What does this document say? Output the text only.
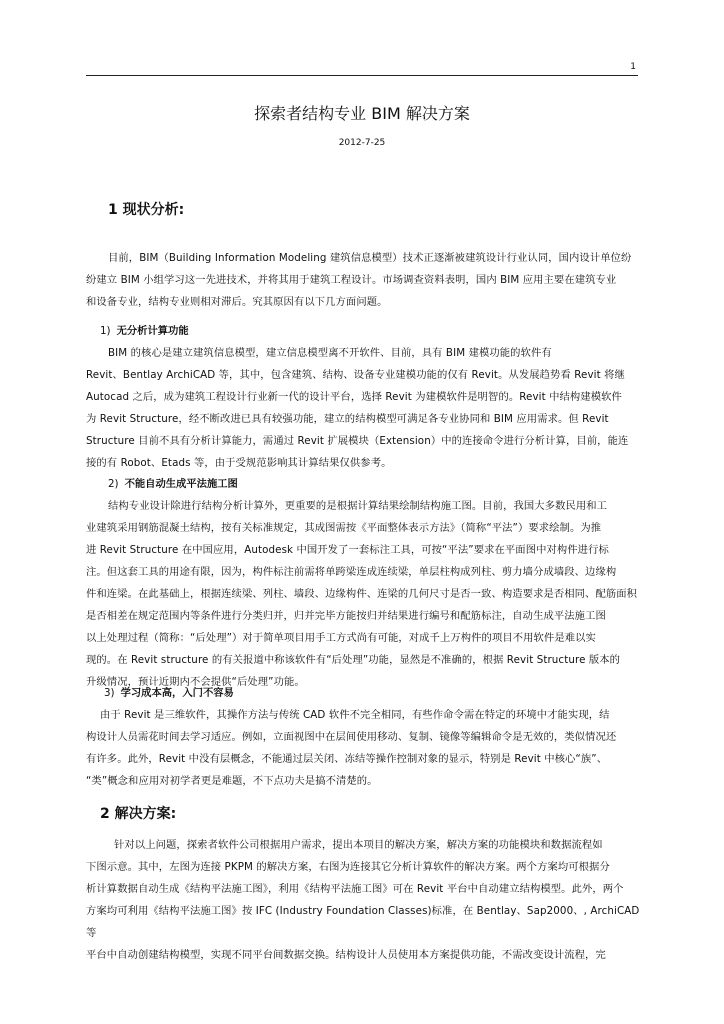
1
探索者结构专业 BIM 解决方案
2012-7-25
1 现状分析:

目前，BIM（Building Information Modeling 建筑信息模型）技术正逐渐被建筑设计行业认同，国内设计单位纷

纷建立 BIM 小组学习这一先进技术，并将其用于建筑工程设计。市场调查资料表明，国内 BIM 应用主要在建筑专业

和设备专业，结构专业则相对滞后。究其原因有以下几方面问题。

1) 无分析计算功能

BIM 的核心是建立建筑信息模型，建立信息模型离不开软件、目前，具有 BIM 建模功能的软件有

Revit、Bentlay ArchiCAD 等，其中，包含建筑、结构、设备专业建模功能的仅有 Revit。从发展趋势看 Revit 将继

Autocad 之后，成为建筑工程设计行业新一代的设计平台，选择 Revit 为建模软件是明智的。Revit 中结构建模软件

为 Revit Structure，经不断改进已具有较强功能，建立的结构模型可满足各专业协同和 BIM 应用需求。但 Revit

Structure 目前不具有分析计算能力，需通过 Revit 扩展模块（Extension）中的连接命令进行分析计算，目前，能连

接的有 Robot、Etads 等，由于受规范影响其计算结果仅供参考。

2) 不能自动生成平法施工图

结构专业设计除进行结构分析计算外，更重要的是根据计算结果绘制结构施工图。目前，我国大多数民用和工

业建筑采用钢筋混凝土结构，按有关标准规定，其成图需按《平面整体表示方法》（简称“平法”）要求绘制。为推

进 Revit Structure 在中国应用，Autodesk 中国开发了一套标注工具，可按“平法”要求在平面图中对构件进行标

注。但这套工具的用途有限，因为，构件标注前需将单跨梁连成连续梁，单层柱构成列柱、剪力墙分成墙段、边缘构

件和连梁。在此基础上，根据连续梁、列柱、墙段、边缘构件、连梁的几何尺寸是否一致、构造要求是否相同、配筋面积

是否相差在规定范围内等条件进行分类归并，归并完毕方能按归并结果进行编号和配筋标注，自动生成平法施工图

以上处理过程（简称：“后处理”）对于简单项目用手工方式尚有可能，对成千上万构件的项目不用软件是难以实

现的。在 Revit structure 的有关报道中称该软件有“后处理”功能，显然是不准确的，根据 Revit Structure 版本的

升级情况，预计近期内不会提供“后处理”功能。

3) 学习成本高，入门不容易

由于 Revit 是三维软件，其操作方法与传统 CAD 软件不完全相同，有些作命令需在特定的环境中才能实现，结

构设计人员需花时间去学习适应。例如，立面视图中在层间使用移动、复制、镜像等编辑命令是无效的，类似情况还

有许多。此外，Revit 中没有层概念，不能通过层关闭、冻结等操作控制对象的显示，特别是 Revit 中核心“族”、

“类”概念和应用对初学者更是难题，不下点功夫是搞不清楚的。

2 解决方案:

针对以上问题，探索者软件公司根据用户需求，提出本项目的解决方案，解决方案的功能模块和数据流程如

下图示意。其中，左图为连接 PKPM 的解决方案，右图为连接其它分析计算软件的解决方案。两个方案均可根据分

析计算数据自动生成《结构平法施工图》，利用《结构平法施工图》可在 Revit 平台中自动建立结构模型。此外，两个

方案均可利用《结构平法施工图》按 IFC (Industry Foundation Classes)标准，在 Bentlay、Sap2000、, ArchiCAD 等

平台中自动创建结构模型，实现不同平台间数据交换。结构设计人员使用本方案提供功能，不需改变设计流程，完
